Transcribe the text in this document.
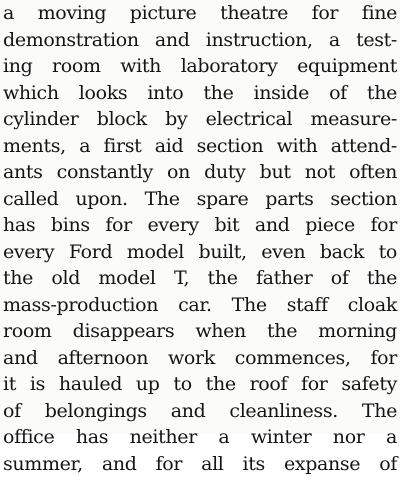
a moving picture theatre for fine
demonstration and instruction, a test-
ing room with laboratory equipment
which looks into the inside of the
cylinder block by electrical measure-
ments, a first aid section with attend-
ants constantly on duty but not often
called upon. The spare parts section
has bins for every bit and piece for
every Ford model built, even back to
the old model T, the father of the
mass-production car. The staff cloak
room disappears when the morning
and afternoon work commences, for
it is hauled up to the roof for safety
of belongings and cleanliness. The
office has neither a winter nor a
summer, and for all its expanse of
